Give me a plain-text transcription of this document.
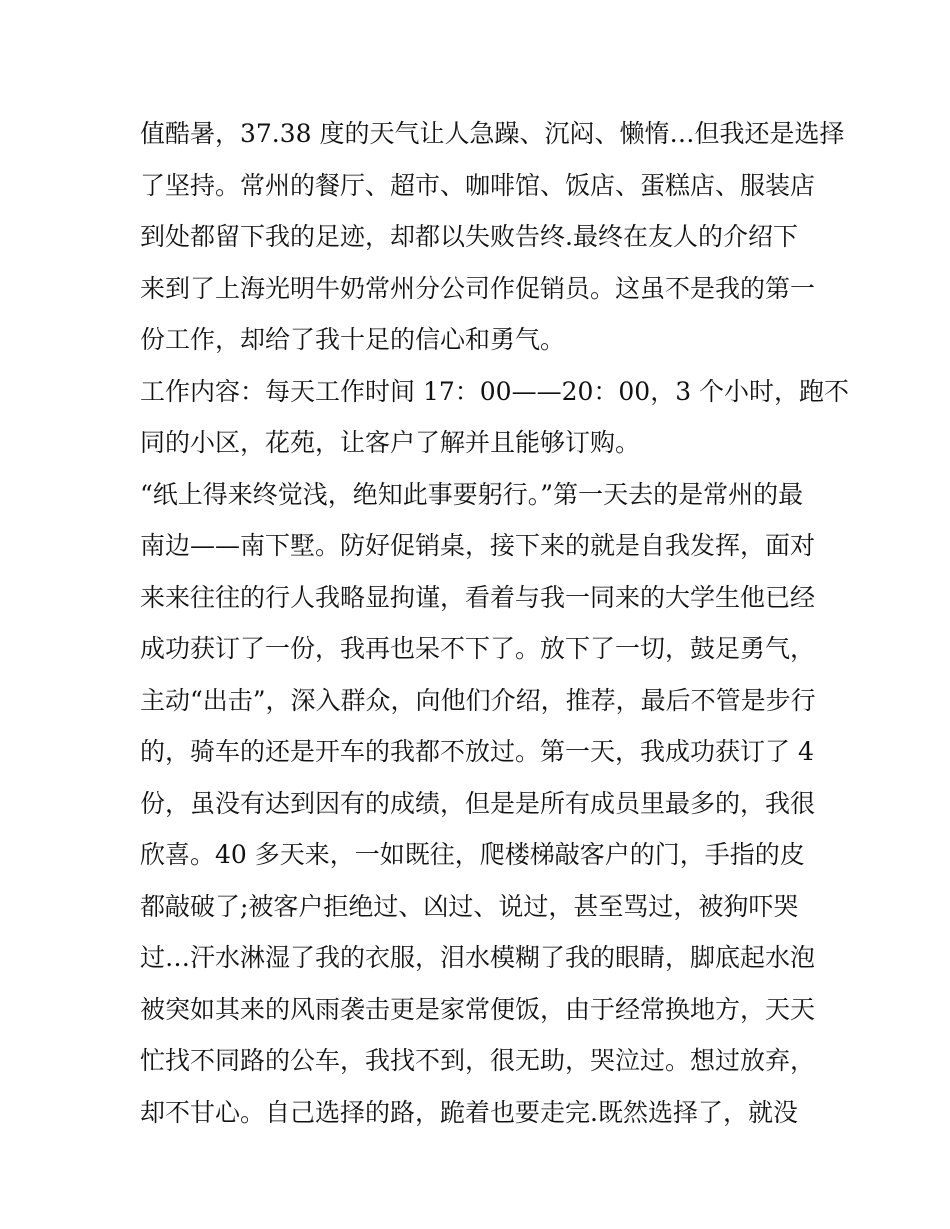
值酷暑，37.38 度的天气让人急躁、沉闷、懒惰…但我还是选择
了坚持。常州的餐厅、超市、咖啡馆、饭店、蛋糕店、服装店
到处都留下我的足迹，却都以失败告终.最终在友人的介绍下
来到了上海光明牛奶常州分公司作促销员。这虽不是我的第一
份工作，却给了我十足的信心和勇气。
工作内容：每天工作时间 17：00——20：00，3 个小时，跑不
同的小区，花苑，让客户了解并且能够订购。
“纸上得来终觉浅，绝知此事要躬行。”第一天去的是常州的最
南边——南下墅。防好促销桌，接下来的就是自我发挥，面对
来来往往的行人我略显拘谨，看着与我一同来的大学生他已经
成功获订了一份，我再也呆不下了。放下了一切，鼓足勇气，
主动“出击”，深入群众，向他们介绍，推荐，最后不管是步行
的，骑车的还是开车的我都不放过。第一天，我成功获订了 4
份，虽没有达到因有的成绩，但是是所有成员里最多的，我很
欣喜。40 多天来，一如既往，爬楼梯敲客户的门，手指的皮
都敲破了;被客户拒绝过、凶过、说过，甚至骂过，被狗吓哭
过…汗水淋湿了我的衣服，泪水模糊了我的眼睛，脚底起水泡
被突如其来的风雨袭击更是家常便饭，由于经常换地方，天天
忙找不同路的公车，我找不到，很无助，哭泣过。想过放弃，
却不甘心。自己选择的路，跪着也要走完.既然选择了，就没
